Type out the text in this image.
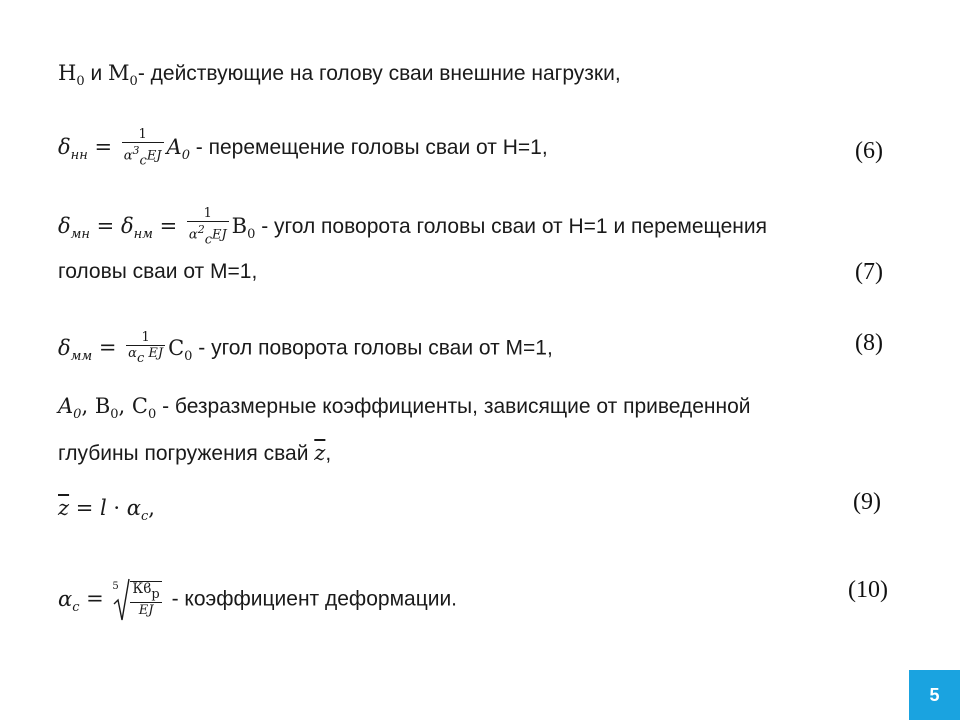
$H_0$ и $M_0-$ действующие на голову сваи внешние нагрузки,
$\delta_{нн} = \frac{1}{\alpha^3_сEJ} A_0$ - перемещение головы сваи от Н=1,
$\delta_{мн} = \delta_{нм} = \frac{1}{\alpha^2_сEJ} B_0$ - угол поворота головы сваи от Н=1 и перемещения
головы сваи от М=1,
$\delta_{мм} = \frac{1}{\alpha_с EJ} C_0$ - угол поворота головы сваи от М=1,
$A_0$, $B_0$, $C_0$ - безразмерные коэффициенты, зависящие от приведенной
глубины погружения свай $\overline{z}$,
$\overline{z} = l \cdot \alpha_c$,
$\alpha_c$ =
$5 \frac{Кϐ_р}{EJ}$ - коэффициент деформации.
(6)
(7)
(8)
(9)
(10)
5
